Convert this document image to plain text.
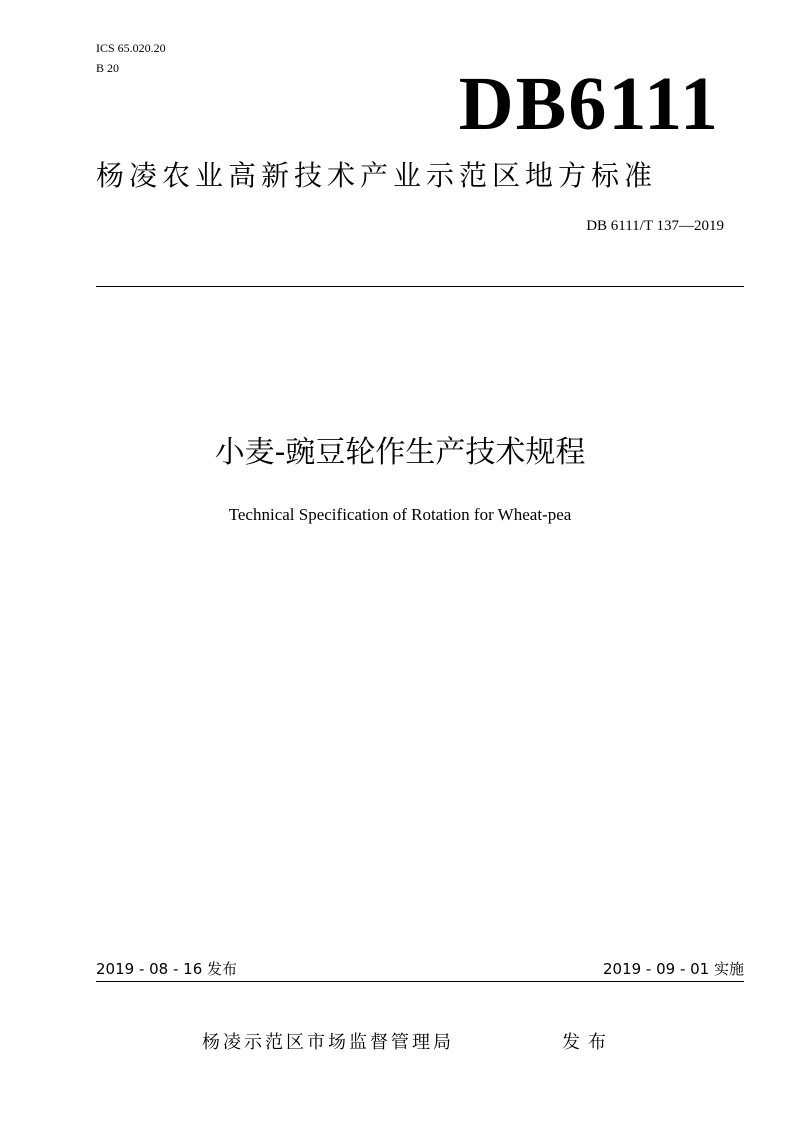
ICS 65.020.20
B 20	DB6111
杨凌农业高新技术产业示范区地方标准
DB 6111/T 137—2019
小麦-豌豆轮作生产技术规程
Technical Specification of Rotation for Wheat-pea
2019 - 08 - 16 发布	2019 - 09 - 01 实施
杨凌示范区市场监督管理局	发布
